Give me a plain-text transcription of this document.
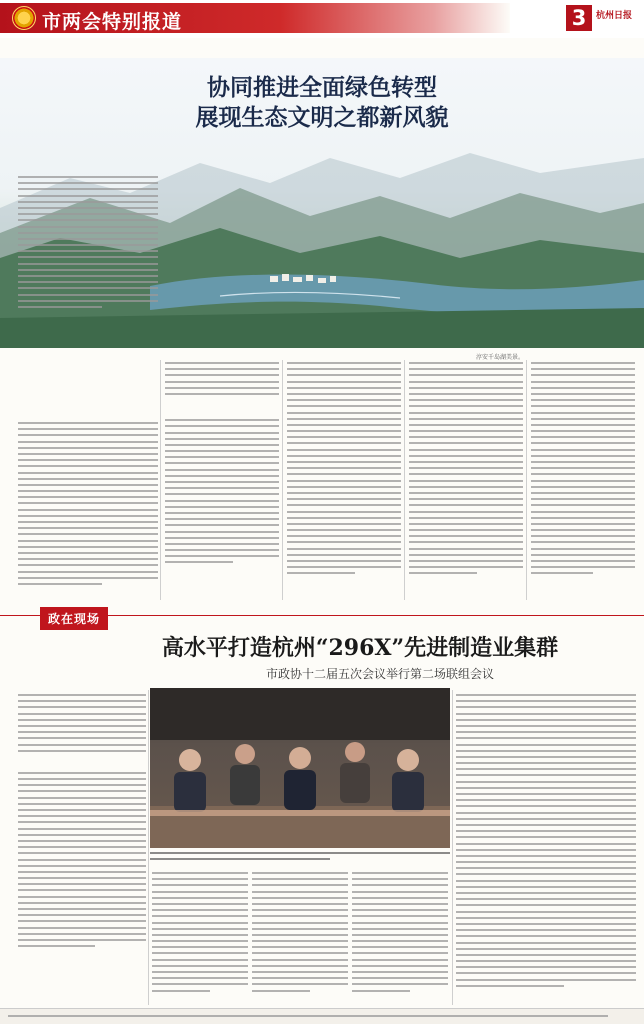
市两会特别报道	3	杭州日报
协同推进全面绿色转型
展现生态文明之都新风貌
淳安千岛湖美景。
政在现场
高水平打造杭州“296X”先进制造业集群
市政协十二届五次会议举行第二场联组会议
